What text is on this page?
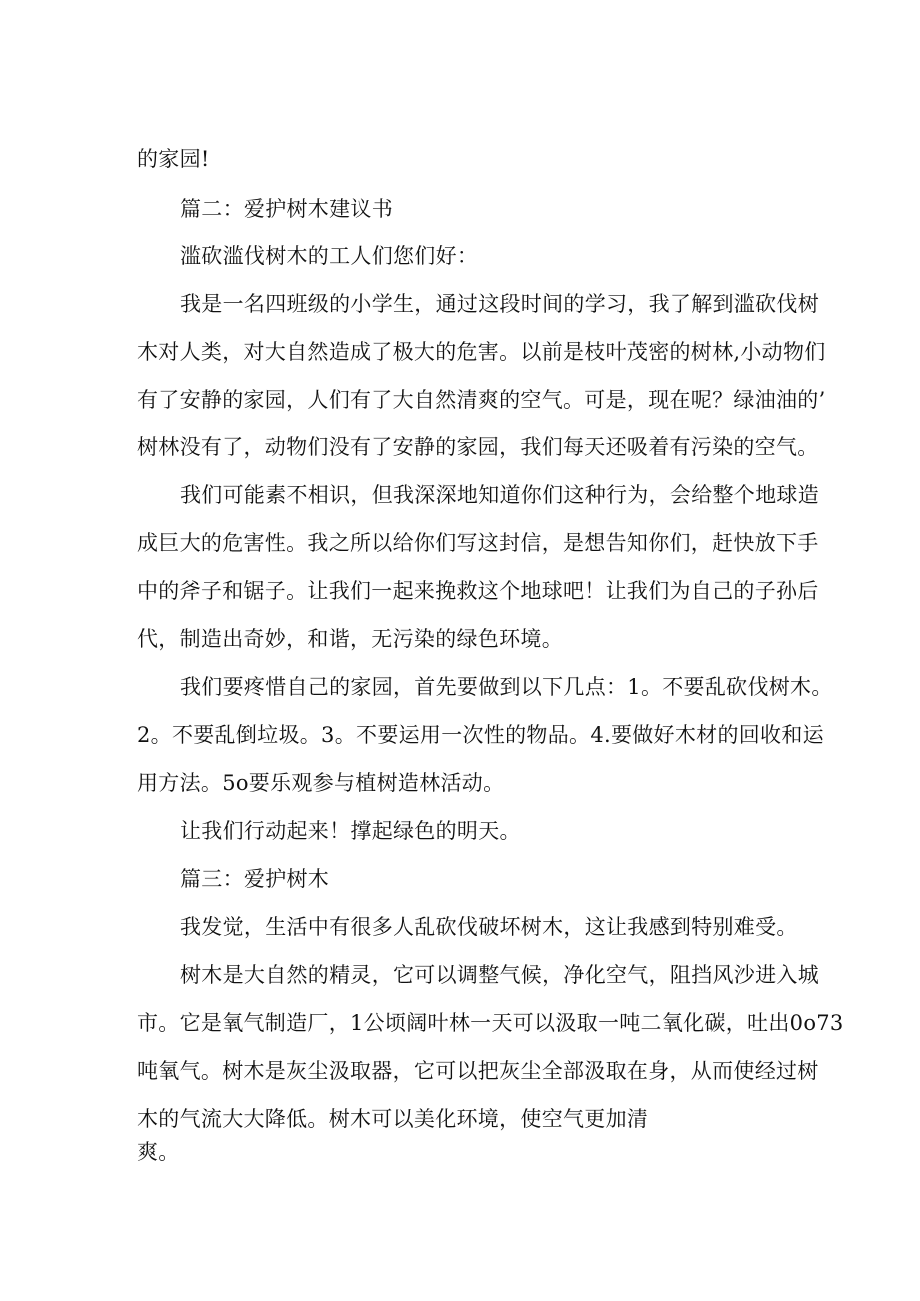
的家园!
篇二：爱护树木建议书
滥砍滥伐树木的工人们您们好：
我是一名四班级的小学生，通过这段时间的学习，我了解到滥砍伐树
木对人类，对大自然造成了极大的危害。以前是枝叶茂密的树林,小动物们
有了安静的家园，人们有了大自然清爽的空气。可是，现在呢？绿油油的’
树林没有了，动物们没有了安静的家园，我们每天还吸着有污染的空气。
我们可能素不相识，但我深深地知道你们这种行为，会给整个地球造
成巨大的危害性。我之所以给你们写这封信，是想告知你们，赶快放下手
中的斧子和锯子。让我们一起来挽救这个地球吧！让我们为自己的子孙后
代，制造出奇妙，和谐，无污染的绿色环境。
我们要疼惜自己的家园，首先要做到以下几点：1。不要乱砍伐树木。
2。不要乱倒垃圾。3。不要运用一次性的物品。4.要做好木材的回收和运
用方法。5o要乐观参与植树造林活动。
让我们行动起来！撑起绿色的明天。
篇三：爱护树木
我发觉，生活中有很多人乱砍伐破坏树木，这让我感到特别难受。
树木是大自然的精灵，它可以调整气候，净化空气，阻挡风沙进入城
市。它是氧气制造厂，1公顷阔叶林一天可以汲取一吨二氧化碳，吐出0o73
吨氧气。树木是灰尘汲取器，它可以把灰尘全部汲取在身，从而使经过树
木的气流大大降低。树木可以美化环境，使空气更加清
爽。
